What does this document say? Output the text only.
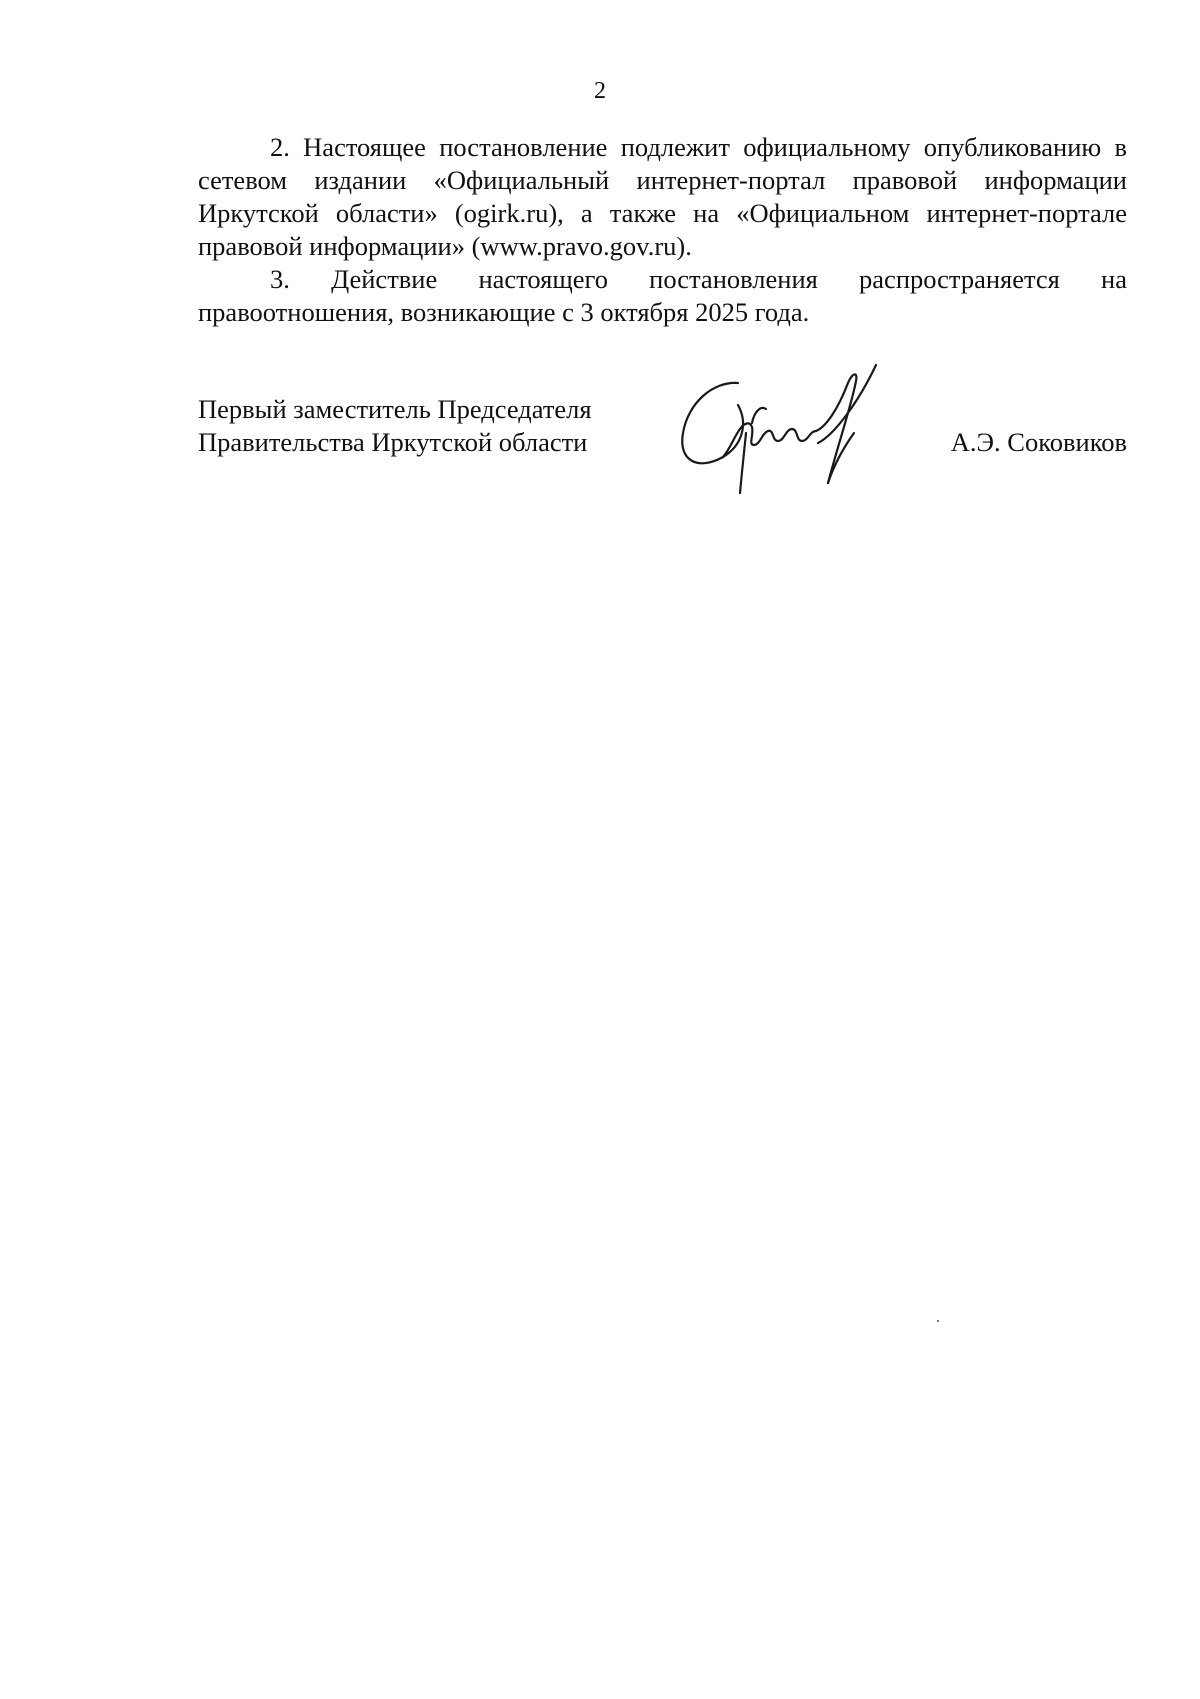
2

2. Настоящее постановление подлежит официальному опубликованию в сетевом издании «Официальный интернет-портал правовой информации Иркутской области» (ogirk.ru), а также на «Официальном интернет-портале правовой информации» (www.pravo.gov.ru).

3. Действие настоящего постановления распространяется на правоотношения, возникающие с 3 октября 2025 года.

Первый заместитель Председателя
Правительства Иркутской области	А.Э. Соковиков
